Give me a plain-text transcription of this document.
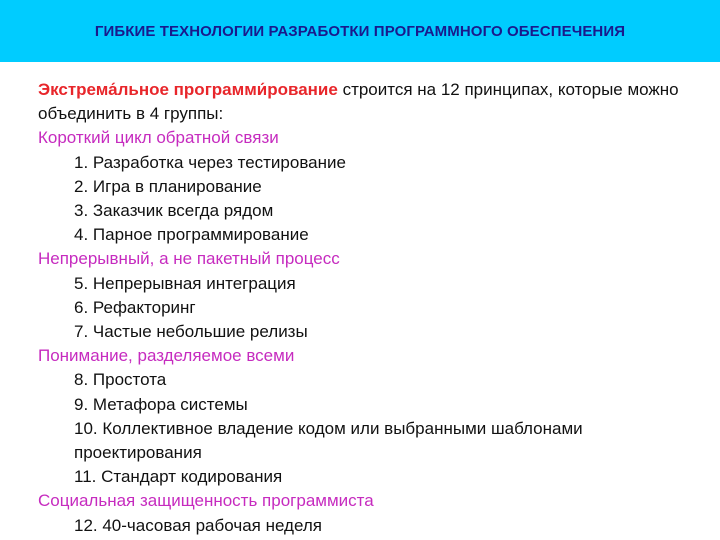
ГИБКИЕ ТЕХНОЛОГИИ РАЗРАБОТКИ ПРОГРАММНОГО ОБЕСПЕЧЕНИЯ

Экстрема́льное программи́рование строится на 12 принципах, которые можно объединить в 4 группы:

Короткий цикл обратной связи

1. Разработка через тестирование

2. Игра в планирование

3. Заказчик всегда рядом

4. Парное программирование

Непрерывный, а не пакетный процесс

5. Непрерывная интеграция

6. Рефакторинг

7. Частые небольшие релизы

Понимание, разделяемое всеми

8. Простота

9. Метафора системы

10. Коллективное владение кодом или выбранными шаблонами проектирования

11. Стандарт кодирования

Социальная защищенность программиста

12. 40-часовая рабочая неделя
